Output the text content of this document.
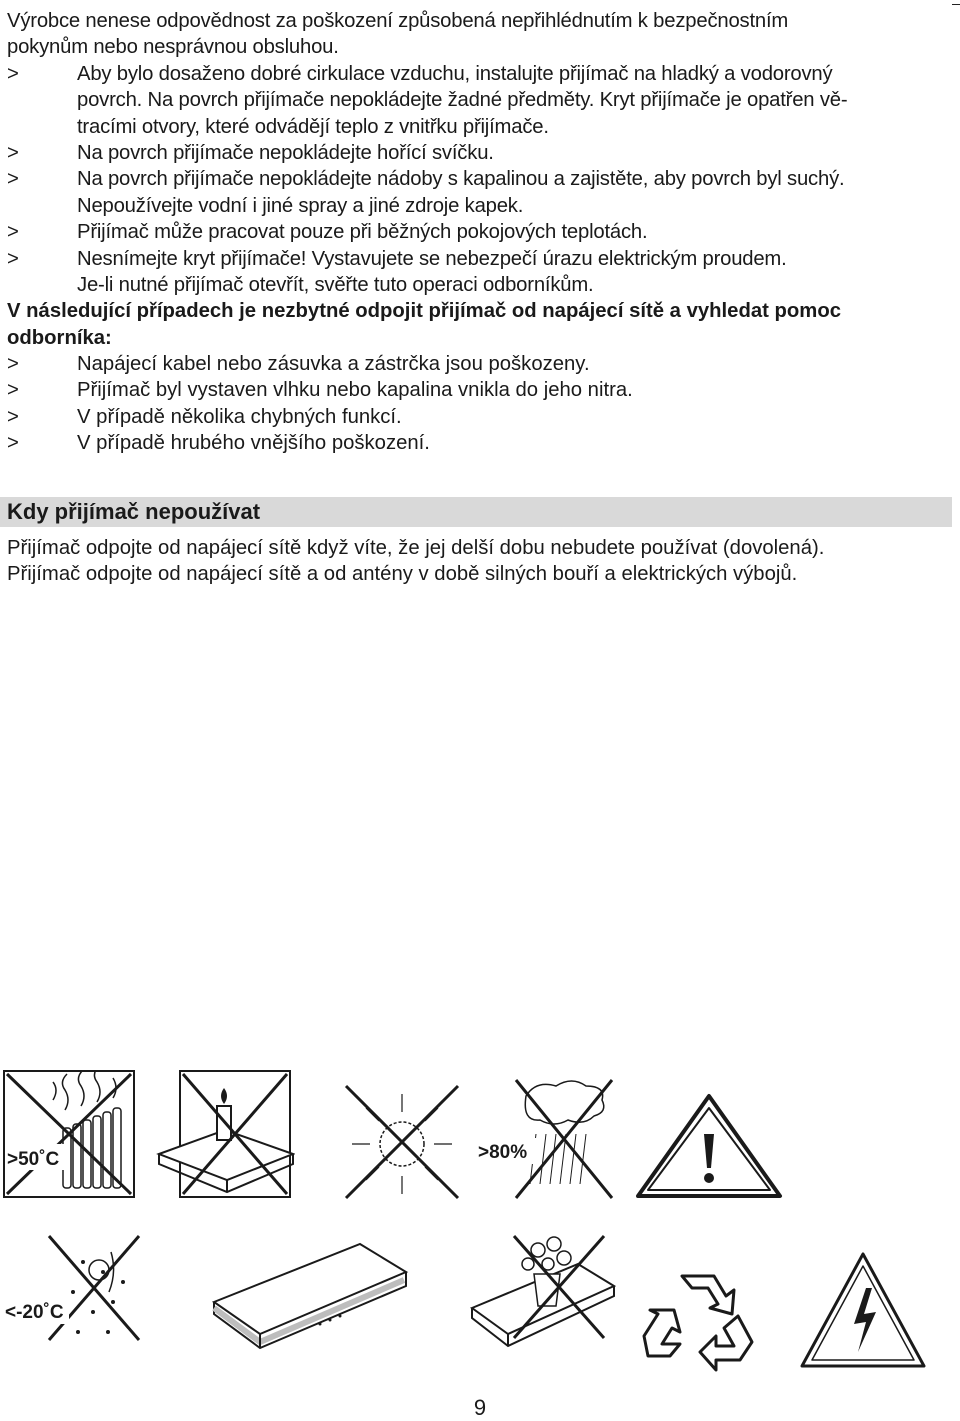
Výrobce nenese odpovědnost za poškození způsobená nepřihlédnutím k bezpečnostním
pokynům nebo nesprávnou obsluhou.
>	Aby bylo dosaženo dobré cirkulace vzduchu, instalujte přijímač na hladký a vodorovný
povrch. Na povrch přijímače nepokládejte žadné předměty. Kryt přijímače je opatřen vě-
tracími otvory, které odvádějí teplo z vnitřku přijímače.
>	Na povrch přijímače nepokládejte hořící svíčku.
>	Na povrch přijímače nepokládejte nádoby s kapalinou a zajistěte, aby povrch byl suchý.
Nepoužívejte vodní i jiné spray a jiné zdroje kapek.
>	Přijímač může pracovat pouze při běžných pokojových teplotách.
>	Nesnímejte kryt přijímače! Vystavujete se nebezpečí úrazu elektrickým proudem.
Je-li nutné přijímač otevřít, svěřte tuto operaci odborníkům.
V následující případech je nezbytné odpojit přijímač od napájecí sítě a vyhledat pomoc
odborníka:
>	Napájecí kabel nebo zásuvka a zástrčka jsou poškozeny.
>	Přijímač byl vystaven vlhku nebo kapalina vnikla do jeho nitra.
>	V případě několika chybných funkcí.
>	V případě hrubého vnějšího poškození.
Kdy přijímač nepoužívat
Přijímač odpojte od napájecí sítě když víte, že jej delší dobu nebudete používat (dovolená).
Přijímač odpojte od napájecí sítě a od antény v době silných bouří a elektrických výbojů.
>50˚C	>80%
<-20˚C
9
